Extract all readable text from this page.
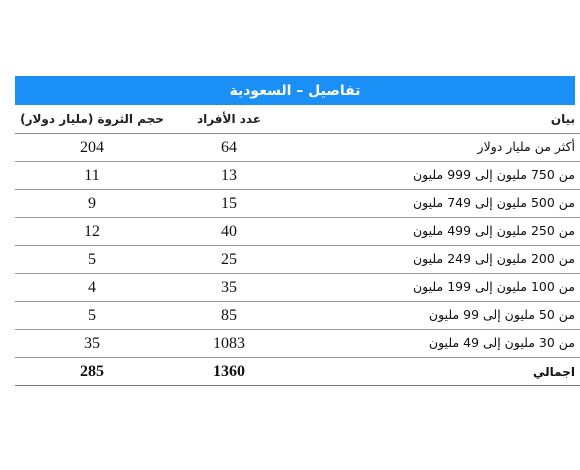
تفاصيل – السعودية
بيان	عدد الأفراد	حجم الثروة (مليار دولار)
أكثر من مليار دولار	64	204
من 750 مليون إلى 999 مليون	13	11
من 500 مليون إلى 749 مليون	15	9
من 250 مليون إلى 499 مليون	40	12
من 200 مليون إلى 249 مليون	25	5
من 100 مليون إلى 199 مليون	35	4
من 50 مليون إلى 99 مليون	85	5
من 30 مليون إلى 49 مليون	1083	35
اجمالي	1360	285
